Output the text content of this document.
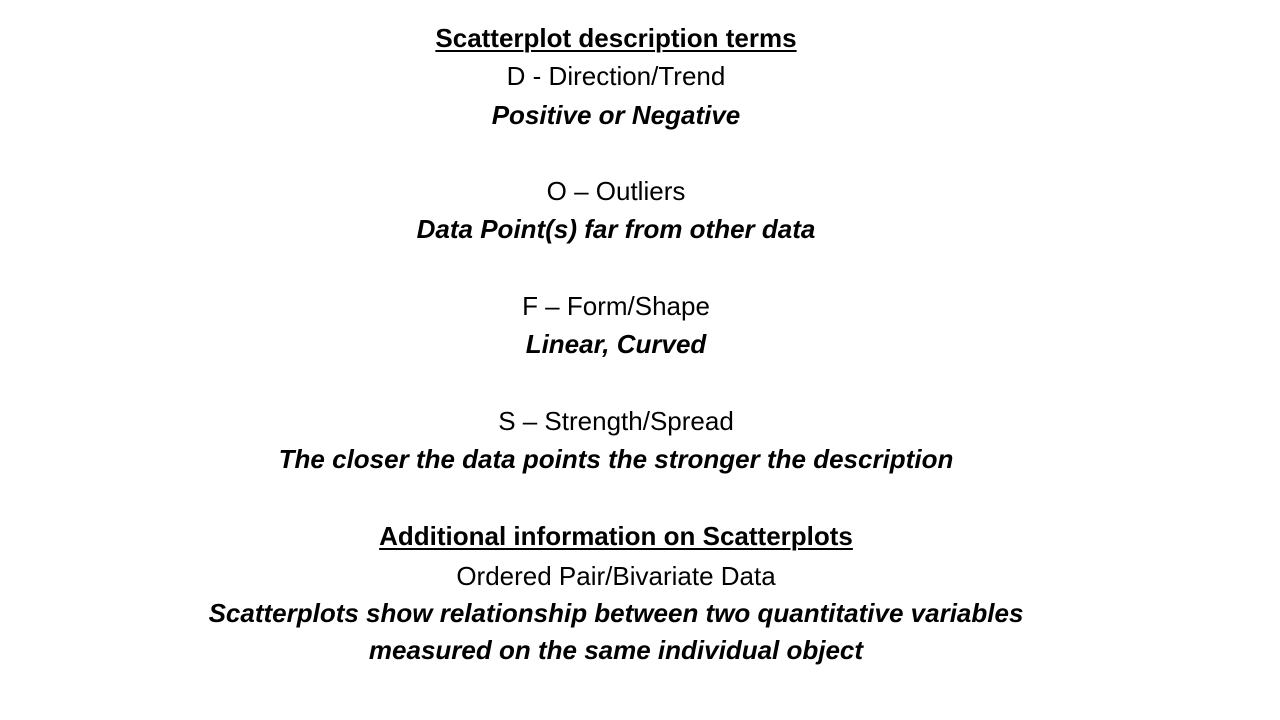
Scatterplot description terms
D - Direction/Trend
Positive or Negative
O – Outliers
Data Point(s) far from other data
F – Form/Shape
Linear, Curved
S – Strength/Spread
The closer the data points the stronger the description
Additional information on Scatterplots
Ordered Pair/Bivariate Data
Scatterplots show relationship between two quantitative variables
measured on the same individual object
